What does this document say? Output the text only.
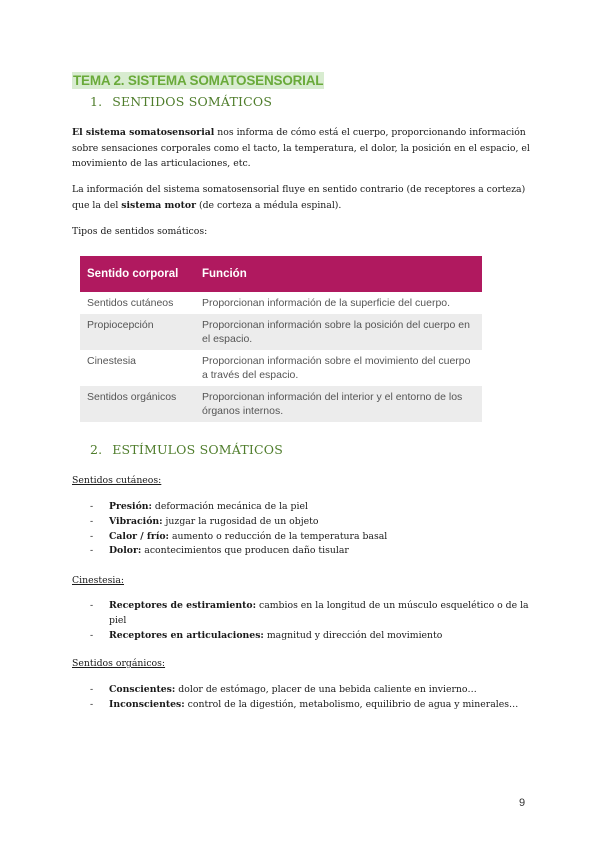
TEMA 2. SISTEMA SOMATOSENSORIAL
1. SENTIDOS SOMÁTICOS
El sistema somatosensorial nos informa de cómo está el cuerpo, proporcionando información sobre sensaciones corporales como el tacto, la temperatura, el dolor, la posición en el espacio, el movimiento de las articulaciones, etc.
La información del sistema somatosensorial fluye en sentido contrario (de receptores a corteza) que la del sistema motor (de corteza a médula espinal).
Tipos de sentidos somáticos:
Sentido corporal	Función
Sentidos cutáneos	Proporcionan información de la superficie del cuerpo.
Propiocepción	Proporcionan información sobre la posición del cuerpo en el espacio.
Cinestesia	Proporcionan información sobre el movimiento del cuerpo a través del espacio.
Sentidos orgánicos	Proporcionan información del interior y el entorno de los órganos internos.
2. ESTÍMULOS SOMÁTICOS
Sentidos cutáneos:
- Presión: deformación mecánica de la piel
- Vibración: juzgar la rugosidad de un objeto
- Calor / frío: aumento o reducción de la temperatura basal
- Dolor: acontecimientos que producen daño tisular
Cinestesia:
- Receptores de estiramiento: cambios en la longitud de un músculo esquelético o de la piel
- Receptores en articulaciones: magnitud y dirección del movimiento
Sentidos orgánicos:
- Conscientes: dolor de estómago, placer de una bebida caliente en invierno…
- Inconscientes: control de la digestión, metabolismo, equilibrio de agua y minerales…
9
